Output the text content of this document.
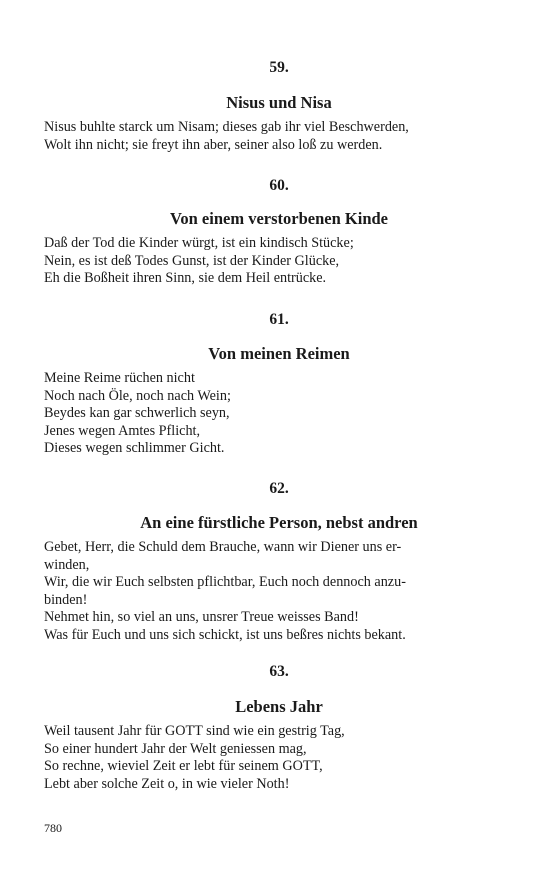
59.

Nisus und Nisa

Nisus buhlte starck um Nisam; dieses gab ihr viel Beschwerden,
Wolt ihn nicht; sie freyt ihn aber, seiner also loß zu werden.

60.

Von einem verstorbenen Kinde

Daß der Tod die Kinder würgt, ist ein kindisch Stücke;
Nein, es ist deß Todes Gunst, ist der Kinder Glücke,
Eh die Boßheit ihren Sinn, sie dem Heil entrücke.

61.

Von meinen Reimen

Meine Reime rüchen nicht
Noch nach Öle, noch nach Wein;
Beydes kan gar schwerlich seyn,
Jenes wegen Amtes Pflicht,
Dieses wegen schlimmer Gicht.

62.

An eine fürstliche Person, nebst andren

Gebet, Herr, die Schuld dem Brauche, wann wir Diener uns er-
winden,
Wir, die wir Euch selbsten pflichtbar, Euch noch dennoch anzu-
binden!
Nehmet hin, so viel an uns, unsrer Treue weisses Band!
Was für Euch und uns sich schickt, ist uns beßres nichts bekant.

63.

Lebens Jahr

Weil tausent Jahr für GOTT sind wie ein gestrig Tag,
So einer hundert Jahr der Welt geniessen mag,
So rechne, wieviel Zeit er lebt für seinem GOTT,
Lebt aber solche Zeit o, in wie vieler Noth!
780
